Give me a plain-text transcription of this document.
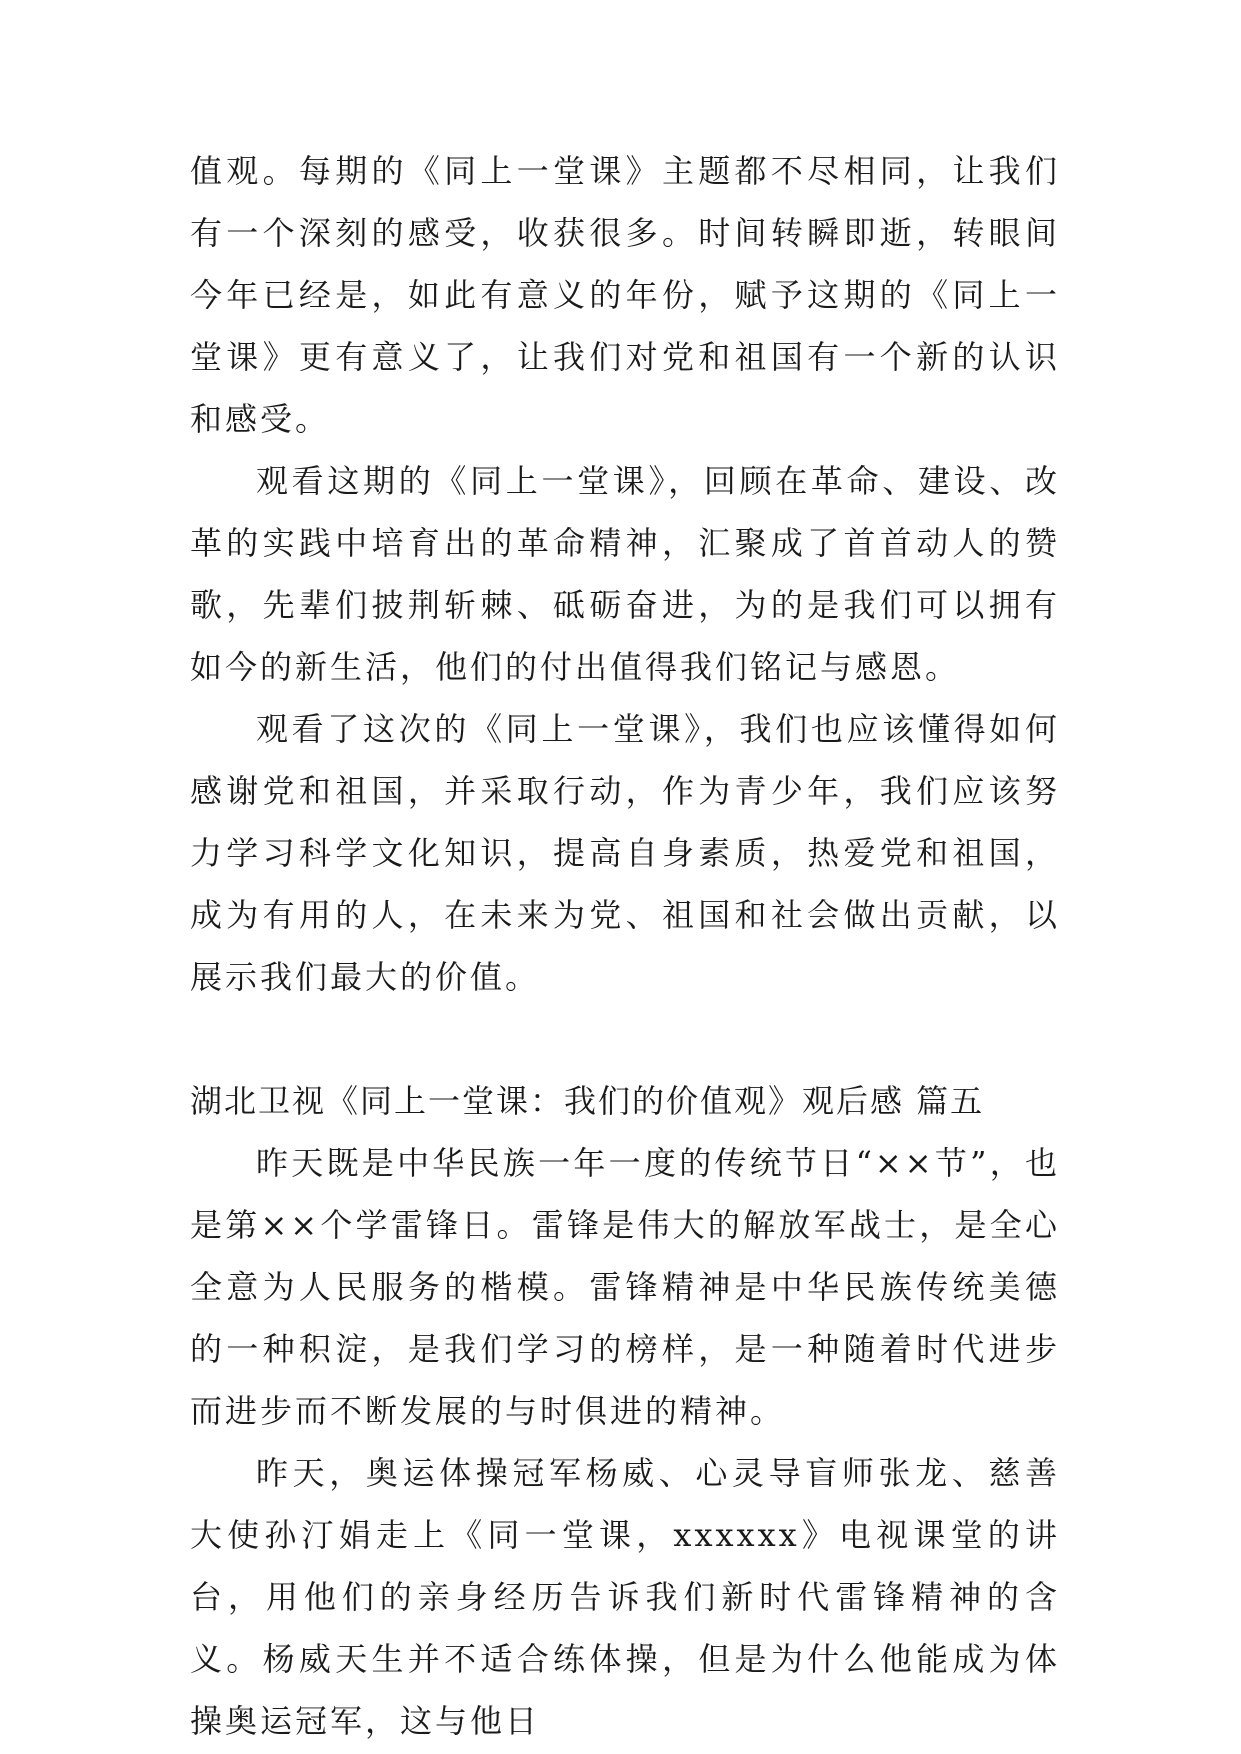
值观。每期的《同上一堂课》主题都不尽相同，让我们有一个深刻的感受，收获很多。时间转瞬即逝，转眼间今年已经是，如此有意义的年份，赋予这期的《同上一堂课》更有意义了，让我们对党和祖国有一个新的认识和感受。

观看这期的《同上一堂课》，回顾在革命、建设、改革的实践中培育出的革命精神，汇聚成了首首动人的赞歌，先辈们披荆斩棘、砥砺奋进，为的是我们可以拥有如今的新生活，他们的付出值得我们铭记与感恩。

观看了这次的《同上一堂课》，我们也应该懂得如何感谢党和祖国，并采取行动，作为青少年，我们应该努力学习科学文化知识，提高自身素质，热爱党和祖国，成为有用的人，在未来为党、祖国和社会做出贡献，以展示我们最大的价值。

湖北卫视《同上一堂课：我们的价值观》观后感 篇五

昨天既是中华民族一年一度的传统节日“××节”，也是第××个学雷锋日。雷锋是伟大的解放军战士，是全心全意为人民服务的楷模。雷锋精神是中华民族传统美德的一种积淀，是我们学习的榜样，是一种随着时代进步而进步而不断发展的与时俱进的精神。

昨天，奥运体操冠军杨威、心灵导盲师张龙、慈善大使孙汀娟走上《同一堂课，xxxxxx》电视课堂的讲台，用他们的亲身经历告诉我们新时代雷锋精神的含义。杨威天生并不适合练体操，但是为什么他能成为体操奥运冠军，这与他日
